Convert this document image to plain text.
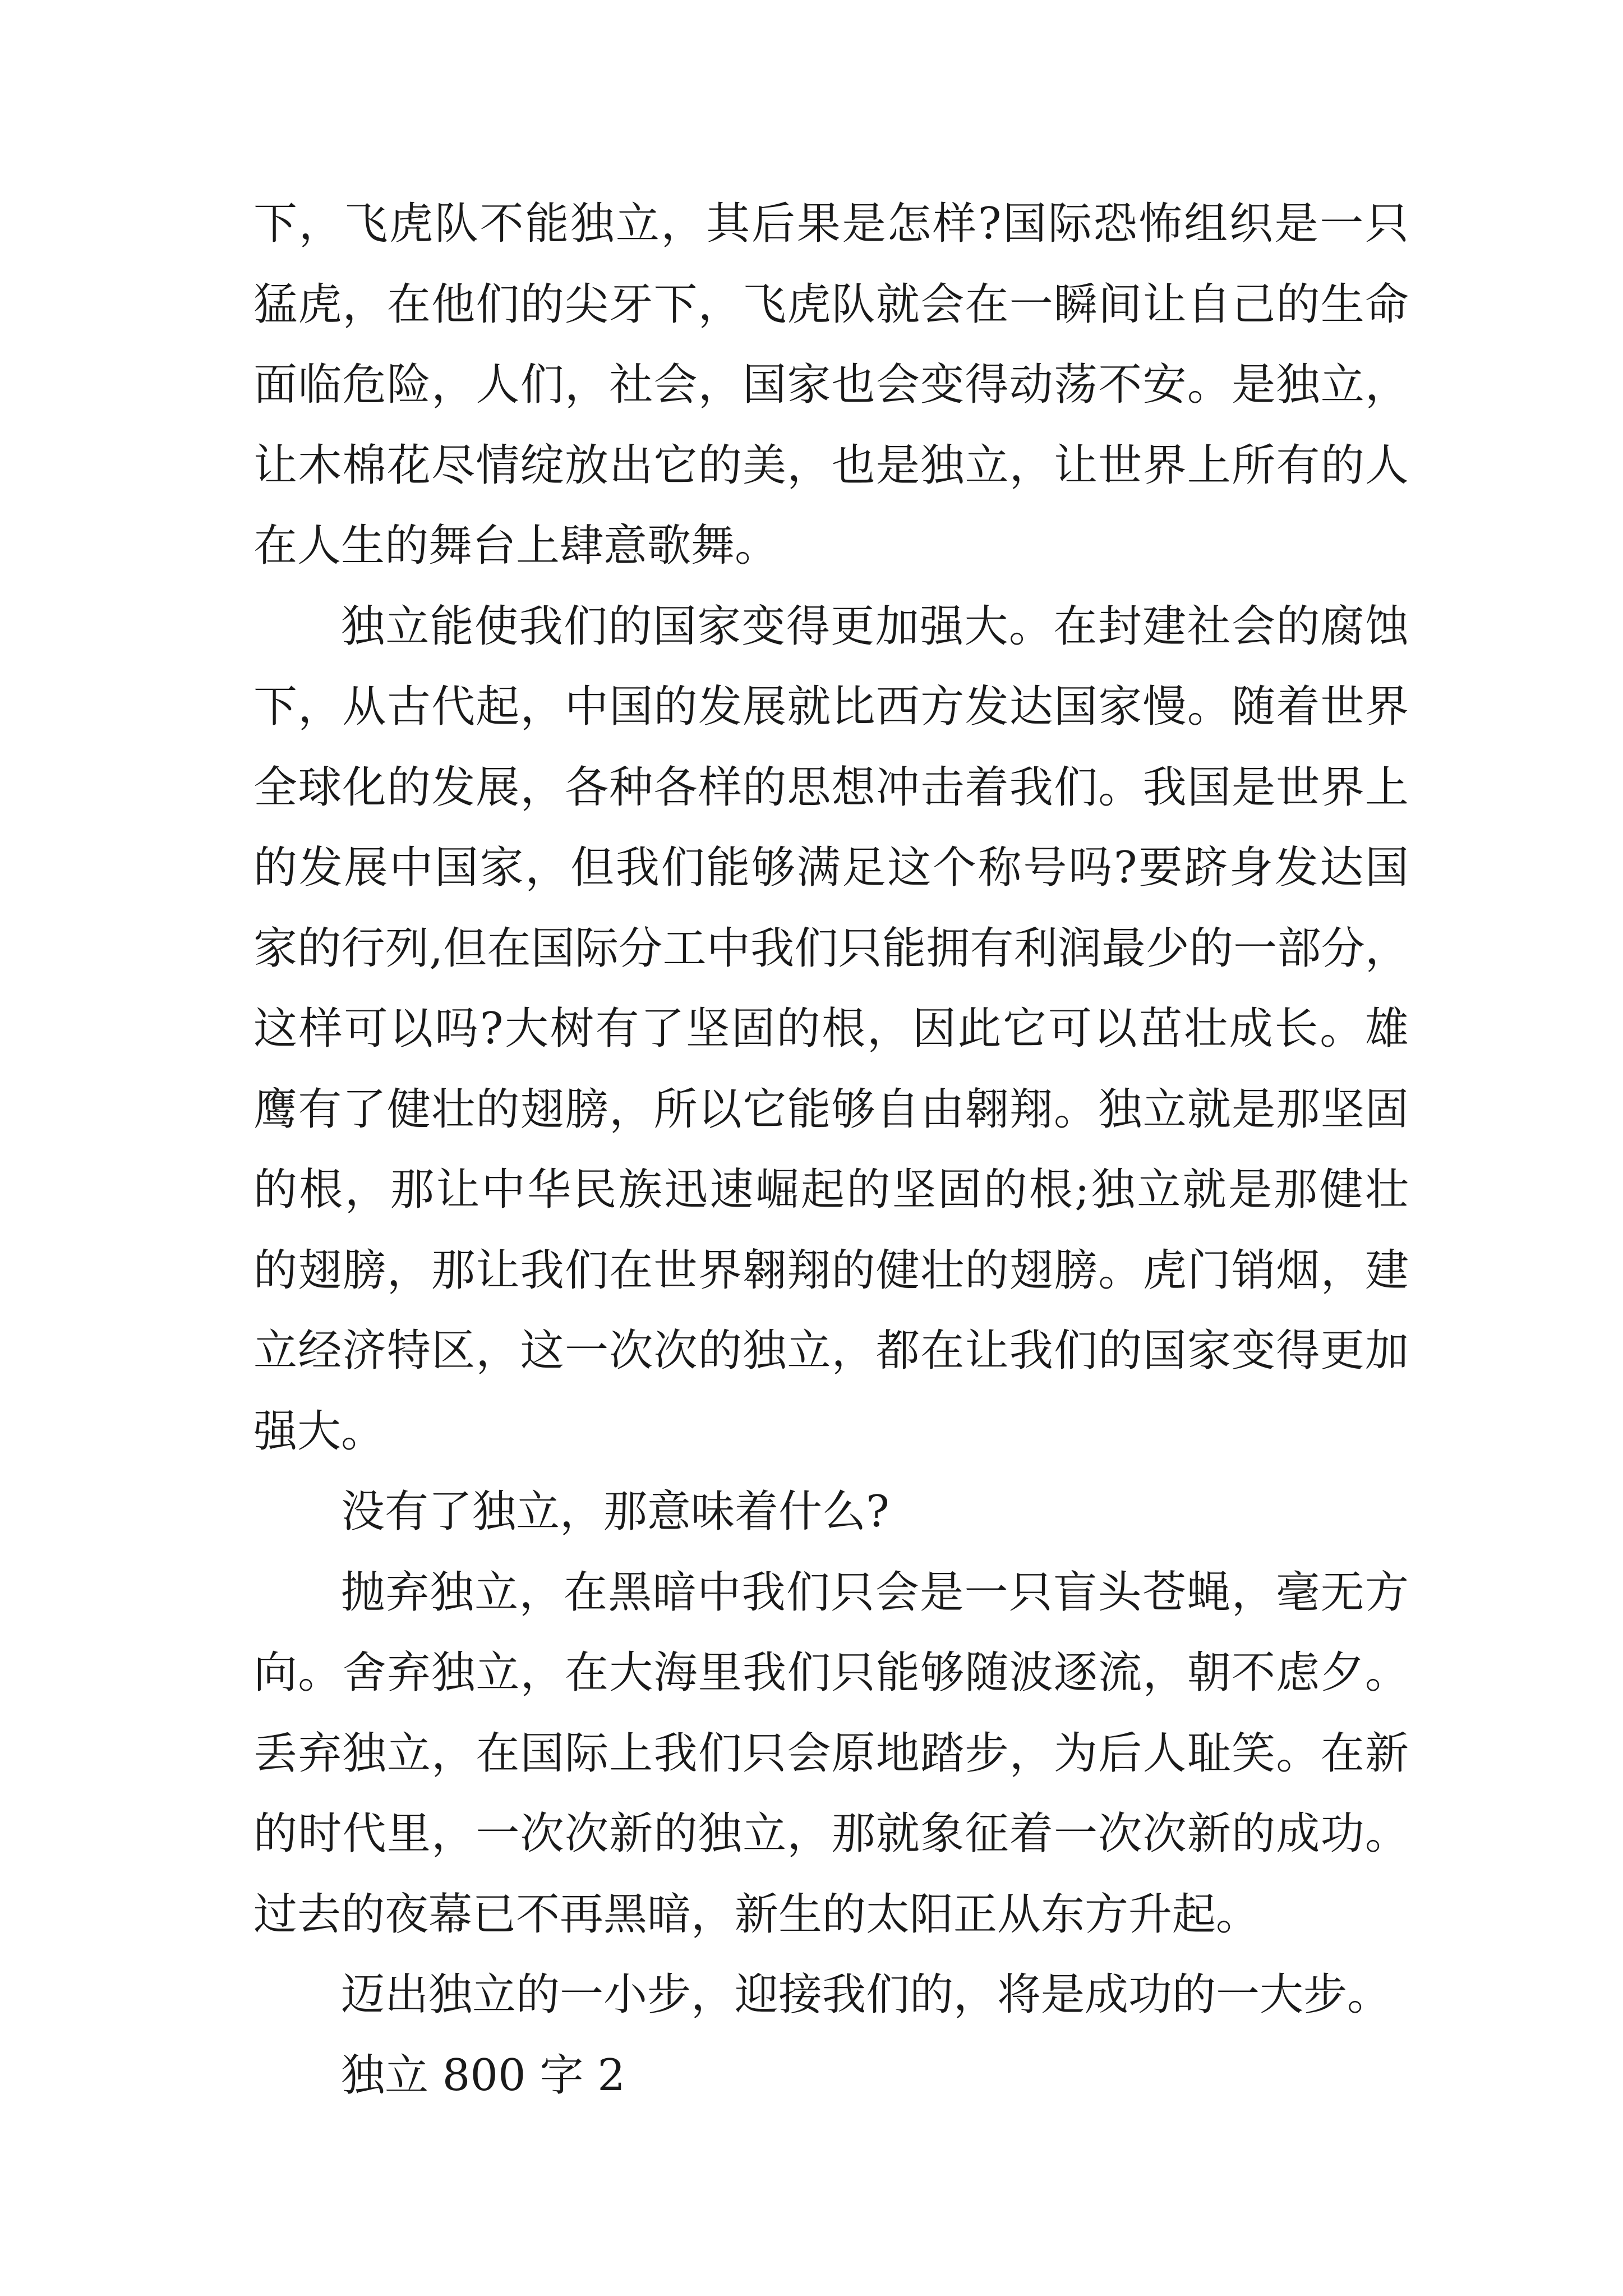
下，飞虎队不能独立，其后果是怎样?国际恐怖组织是一只
猛虎，在他们的尖牙下，飞虎队就会在一瞬间让自己的生命
面临危险，人们，社会，国家也会变得动荡不安。是独立，
让木棉花尽情绽放出它的美，也是独立，让世界上所有的人
在人生的舞台上肆意歌舞。
独立能使我们的国家变得更加强大。在封建社会的腐蚀
下，从古代起，中国的发展就比西方发达国家慢。随着世界
全球化的发展，各种各样的思想冲击着我们。我国是世界上
的发展中国家，但我们能够满足这个称号吗?要跻身发达国
家的行列,但在国际分工中我们只能拥有利润最少的一部分，
这样可以吗?大树有了坚固的根，因此它可以茁壮成长。雄
鹰有了健壮的翅膀，所以它能够自由翱翔。独立就是那坚固
的根，那让中华民族迅速崛起的坚固的根;独立就是那健壮
的翅膀，那让我们在世界翱翔的健壮的翅膀。虎门销烟，建
立经济特区，这一次次的独立，都在让我们的国家变得更加
强大。
没有了独立，那意味着什么?
抛弃独立，在黑暗中我们只会是一只盲头苍蝇，毫无方
向。舍弃独立，在大海里我们只能够随波逐流，朝不虑夕。
丢弃独立，在国际上我们只会原地踏步，为后人耻笑。在新
的时代里，一次次新的独立，那就象征着一次次新的成功。
过去的夜幕已不再黑暗，新生的太阳正从东方升起。
迈出独立的一小步，迎接我们的，将是成功的一大步。
独立 800 字 2
